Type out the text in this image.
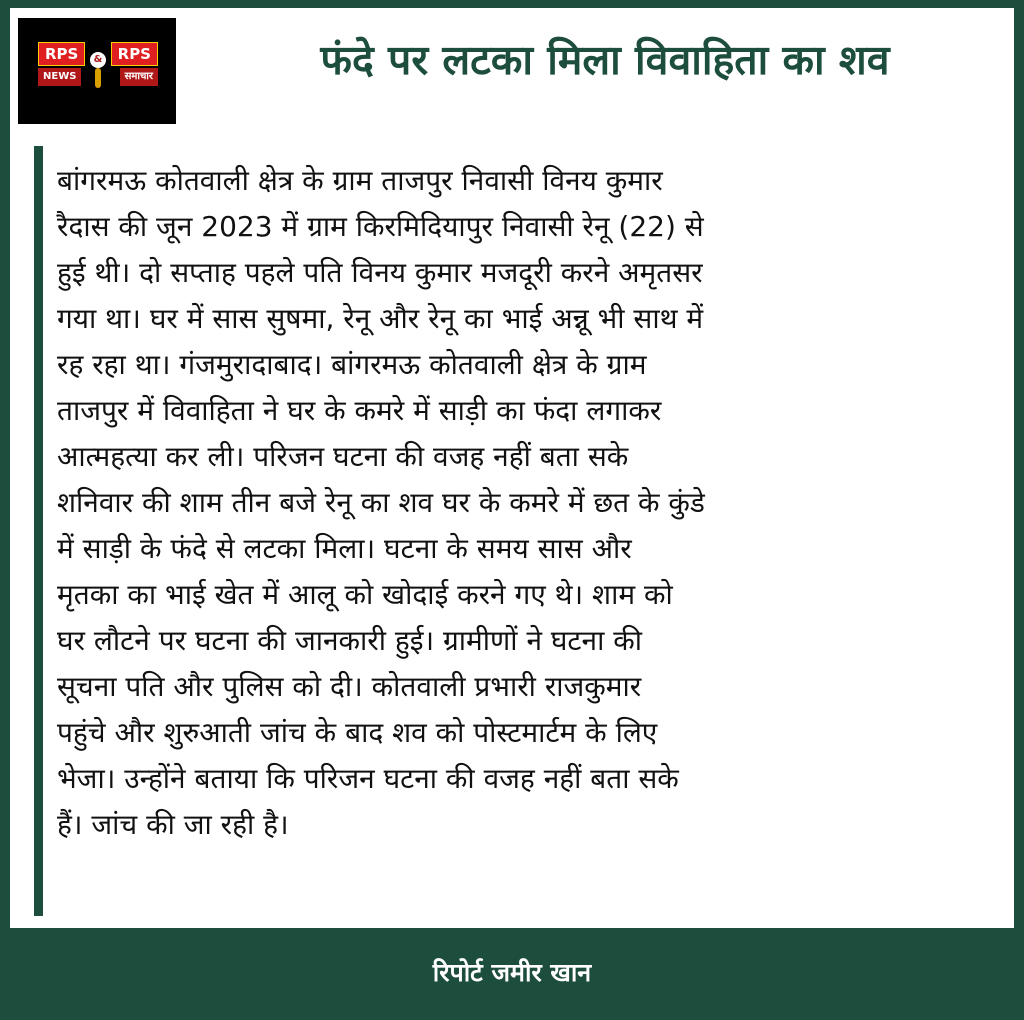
RPS	RPS
&
NEWS	समाचार	फंदे पर लटका मिला विवाहिता का शव

बांगरमऊ कोतवाली क्षेत्र के ग्राम ताजपुर निवासी विनय कुमार
रैदास की जून 2023 में ग्राम किरमिदियापुर निवासी रेनू (22) से
हुई थी। दो सप्ताह पहले पति विनय कुमार मजदूरी करने अमृतसर
गया था। घर में सास सुषमा, रेनू और रेनू का भाई अन्नू भी साथ में
रह रहा था। गंजमुरादाबाद। बांगरमऊ कोतवाली क्षेत्र के ग्राम
ताजपुर में विवाहिता ने घर के कमरे में साड़ी का फंदा लगाकर
आत्महत्या कर ली। परिजन घटना की वजह नहीं बता सके
शनिवार की शाम तीन बजे रेनू का शव घर के कमरे में छत के कुंडे
में साड़ी के फंदे से लटका मिला। घटना के समय सास और
मृतका का भाई खेत में आलू को खोदाई करने गए थे। शाम को
घर लौटने पर घटना की जानकारी हुई। ग्रामीणों ने घटना की
सूचना पति और पुलिस को दी। कोतवाली प्रभारी राजकुमार
पहुंचे और शुरुआती जांच के बाद शव को पोस्टमार्टम के लिए
भेजा। उन्होंने बताया कि परिजन घटना की वजह नहीं बता सके
हैं। जांच की जा रही है।

रिपोर्ट जमीर खान
